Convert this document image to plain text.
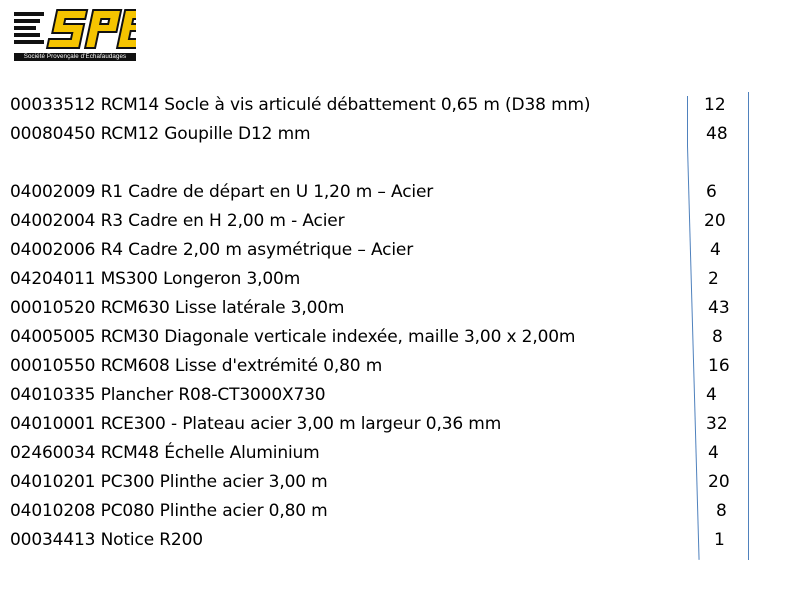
Société Provençale d'Échafaudages
00033512 RCM14 Socle à vis articulé débattement 0,65 m (D38 mm)	12
00080450 RCM12 Goupille D12 mm	48
04002009 R1 Cadre de départ en U 1,20 m – Acier	6
04002004 R3 Cadre en H 2,00 m - Acier	20
04002006 R4 Cadre 2,00 m asymétrique – Acier	4
04204011 MS300 Longeron 3,00m	2
00010520 RCM630 Lisse latérale 3,00m	43
04005005 RCM30 Diagonale verticale indexée, maille 3,00 x 2,00m	8
00010550 RCM608 Lisse d'extrémité 0,80 m	16
04010335 Plancher R08-CT3000X730	4
04010001 RCE300 - Plateau acier 3,00 m largeur 0,36 mm	32
02460034 RCM48 Échelle Aluminium	4
04010201 PC300 Plinthe acier 3,00 m	20
04010208 PC080 Plinthe acier 0,80 m	8
00034413 Notice R200	1
